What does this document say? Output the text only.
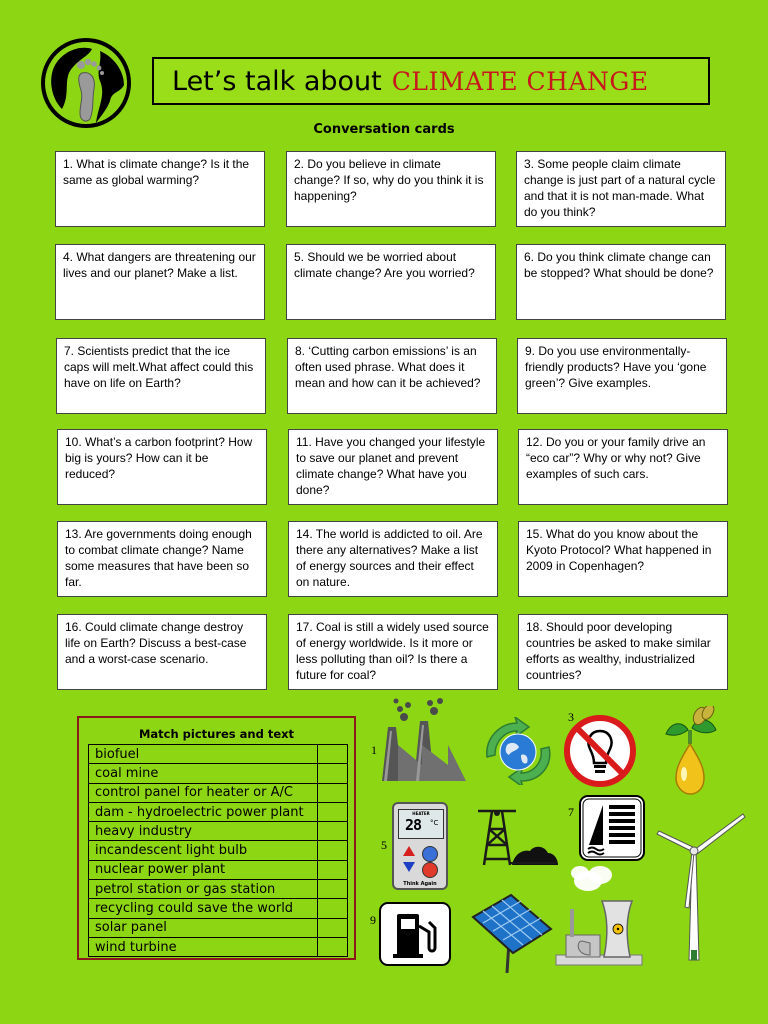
Let’s talk about CLIMATE CHANGE
Conversation cards
1. What is climate change? Is it the same as global warming?
2. Do you believe in climate change? If so, why do you think it is happening?
3. Some people claim climate change is just part of a natural cycle and that it is not man-made. What do you think?
4. What dangers are threatening our lives and our planet? Make a list.
5. Should we be worried about climate change? Are you worried?
6. Do you think climate change can be stopped? What should be done?
7. Scientists predict that the ice caps will melt.What affect could this have on life on Earth?
8. ‘Cutting carbon emissions’ is an often used phrase. What does it mean and how can it be achieved?
9. Do you use environmentally-friendly products? Have you ‘gone green’? Give examples.
10. What’s a carbon footprint? How big is yours? How can it be reduced?
11. Have you changed your lifestyle to save our planet and prevent climate change? What have you done?
12. Do you or your family drive an “eco car”? Why or why not? Give examples of such cars.
13. Are governments doing enough to combat climate change? Name some measures that have been so far.
14. The world is addicted to oil. Are there any alternatives? Make a list of energy sources and their effect on nature.
15. What do you know about the Kyoto Protocol? What happened in 2009 in Copenhagen?
16. Could climate change destroy life on Earth? Discuss a best-case and a worst-case scenario.
17. Coal is still a widely used source of energy worldwide. Is it more or less polluting than oil? Is there a future for coal?
18. Should poor developing countries be asked to make similar efforts as wealthy, industrialized countries?
Match pictures and text
biofuel	
coal mine	
control panel for heater or A/C	
dam - hydroelectric power plant	
heavy industry	
incandescent light bulb	
nuclear power plant	
petrol station or gas station	
recycling could save the world	
solar panel	
wind turbine	
1
3
5
7
9
HEATER
28 °C
Think Again
